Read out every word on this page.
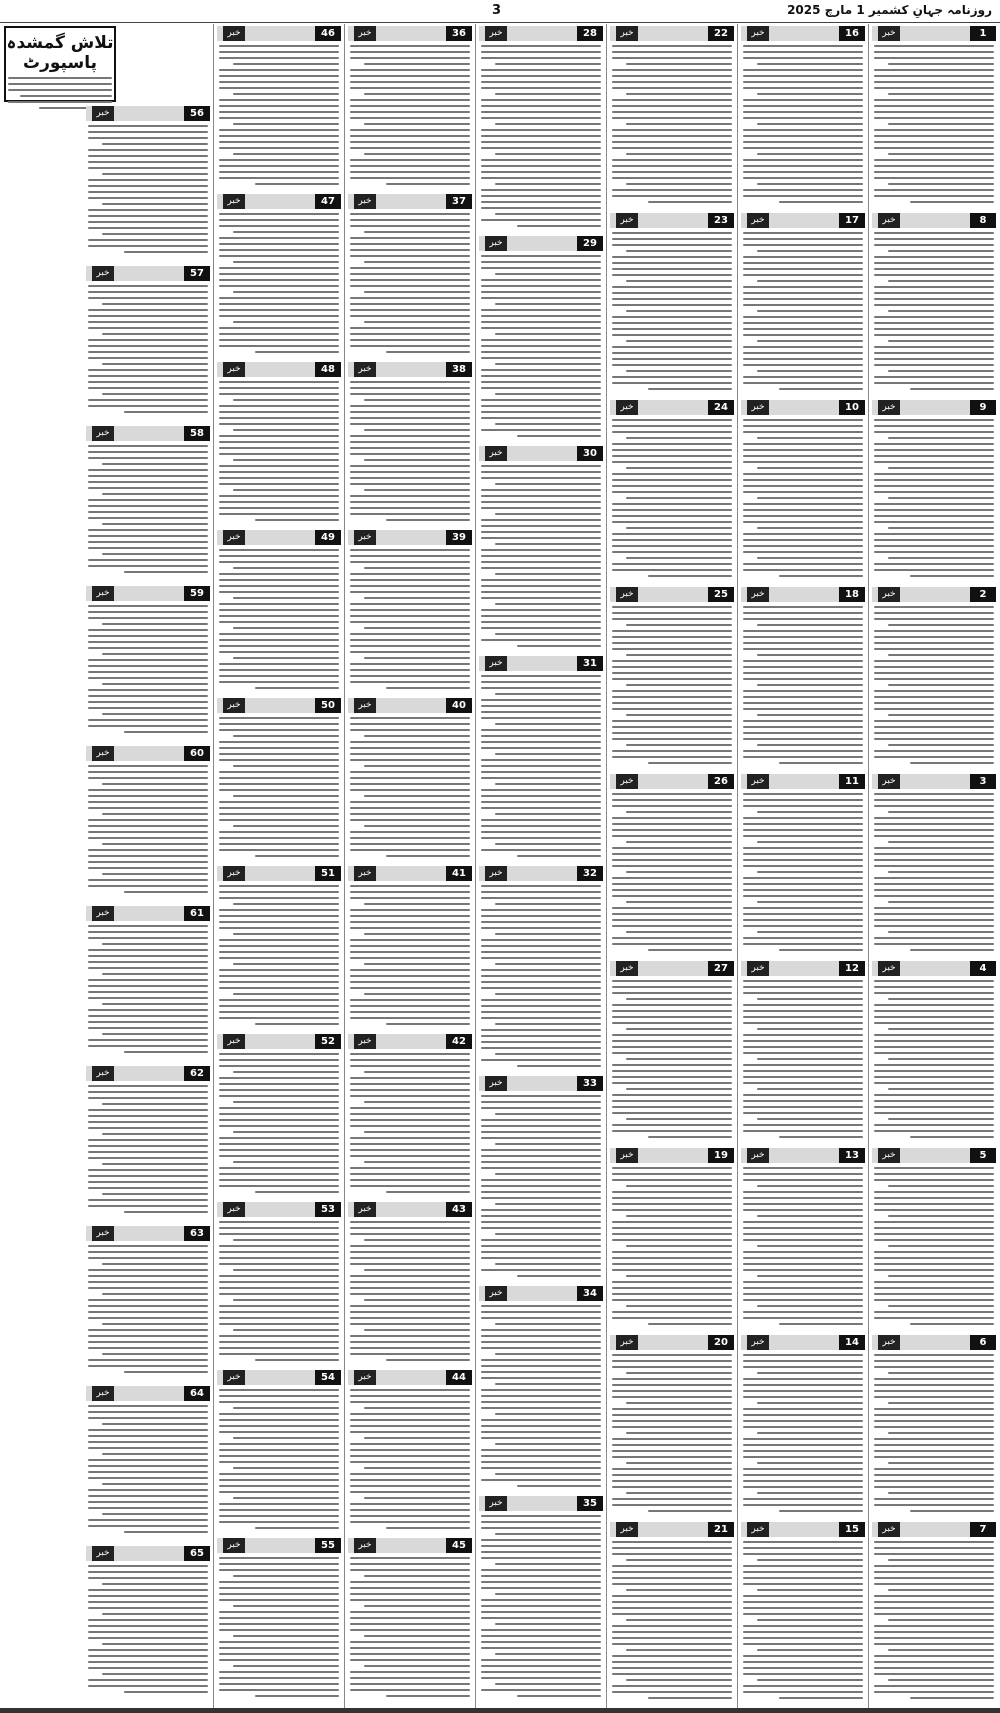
3	روزنامہ جہانِ کشمیر 1 مارچ 2025
تلاش گمشدہ پاسپورٹ
1
خبر
8
خبر
9
خبر
2
خبر
3
خبر
4
خبر
5
خبر
6
خبر
7
خبر
16
خبر
17
خبر
10
خبر
18
خبر
11
خبر
12
خبر
13
خبر
14
خبر
15
خبر
22
خبر
23
خبر
24
خبر
25
خبر
26
خبر
27
خبر
19
خبر
20
خبر
21
خبر
28
خبر
29
خبر
30
خبر
31
خبر
32
خبر
33
خبر
34
خبر
35
خبر
36
خبر
37
خبر
38
خبر
39
خبر
40
خبر
41
خبر
42
خبر
43
خبر
44
خبر
45
خبر
46
خبر
47
خبر
48
خبر
49
خبر
50
خبر
51
خبر
52
خبر
53
خبر
54
خبر
55
خبر
56
خبر
57
خبر
58
خبر
59
خبر
60
خبر
61
خبر
62
خبر
63
خبر
64
خبر
65
خبر
